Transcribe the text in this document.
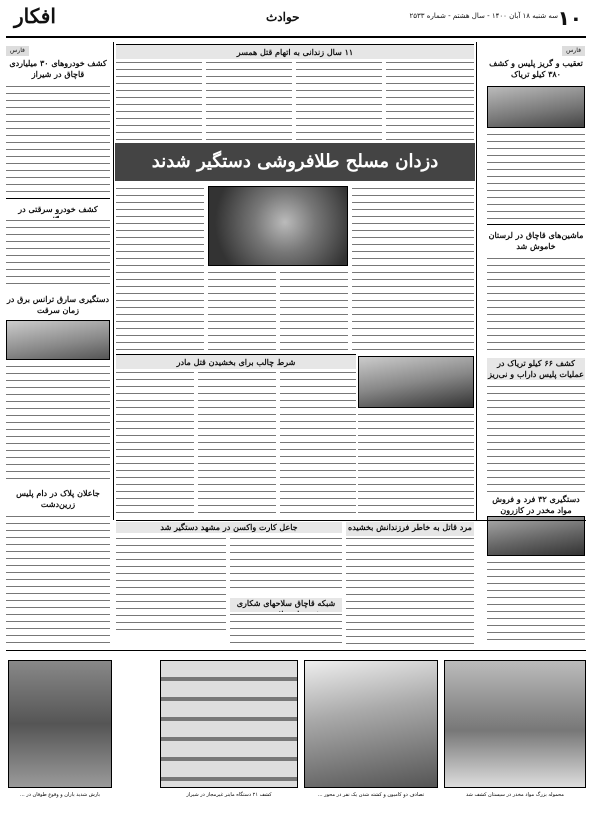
۱۰
سه شنبه ۱۸ آبان ۱۴۰۰ - سال هشتم - شماره ۲۵۳۳
حوادث
افکار
فارس
تعقیب و گریز پلیس و کشف ۳۸۰ کیلو تریاک
ماشین‌های قاچاق در لرستان خاموش شد
کشف ۶۶ کیلو تریاک در عملیات پلیس داراب و نی‌ریز
دستگیری ۳۲ فرد و فروش مواد مخدر در کازرون
فارس
کشف خودروهای ۳۰ میلیاردی قاچاق در شیراز
کشف خودرو سرقتی در
دستگیری سارق ترانس برق در زمان سرقت
جاعلان پلاک در دام پلیس زرین‌دشت
۱۱ سال زندانی به اتهام قتل همسر
دزدان مسلح طلافروشی دستگیر شدند
شرط چالب برای بخشیدن قتل مادر
مرد قاتل به خاطر فرزندانش بخشیده
جاعل کارت واکسن در مشهد دستگیر شد
شبکه قاچاق سلاحهای شکاری
بارش شدید باران و وقوع طوفان در ...	کشف ۲۱ دستگاه ماینر غیرمجاز در شیراز	تصادف دو کامیون و کشته شدن یک نفر در محور ...	محموله بزرگ مواد مخدر در سیستان کشف شد
